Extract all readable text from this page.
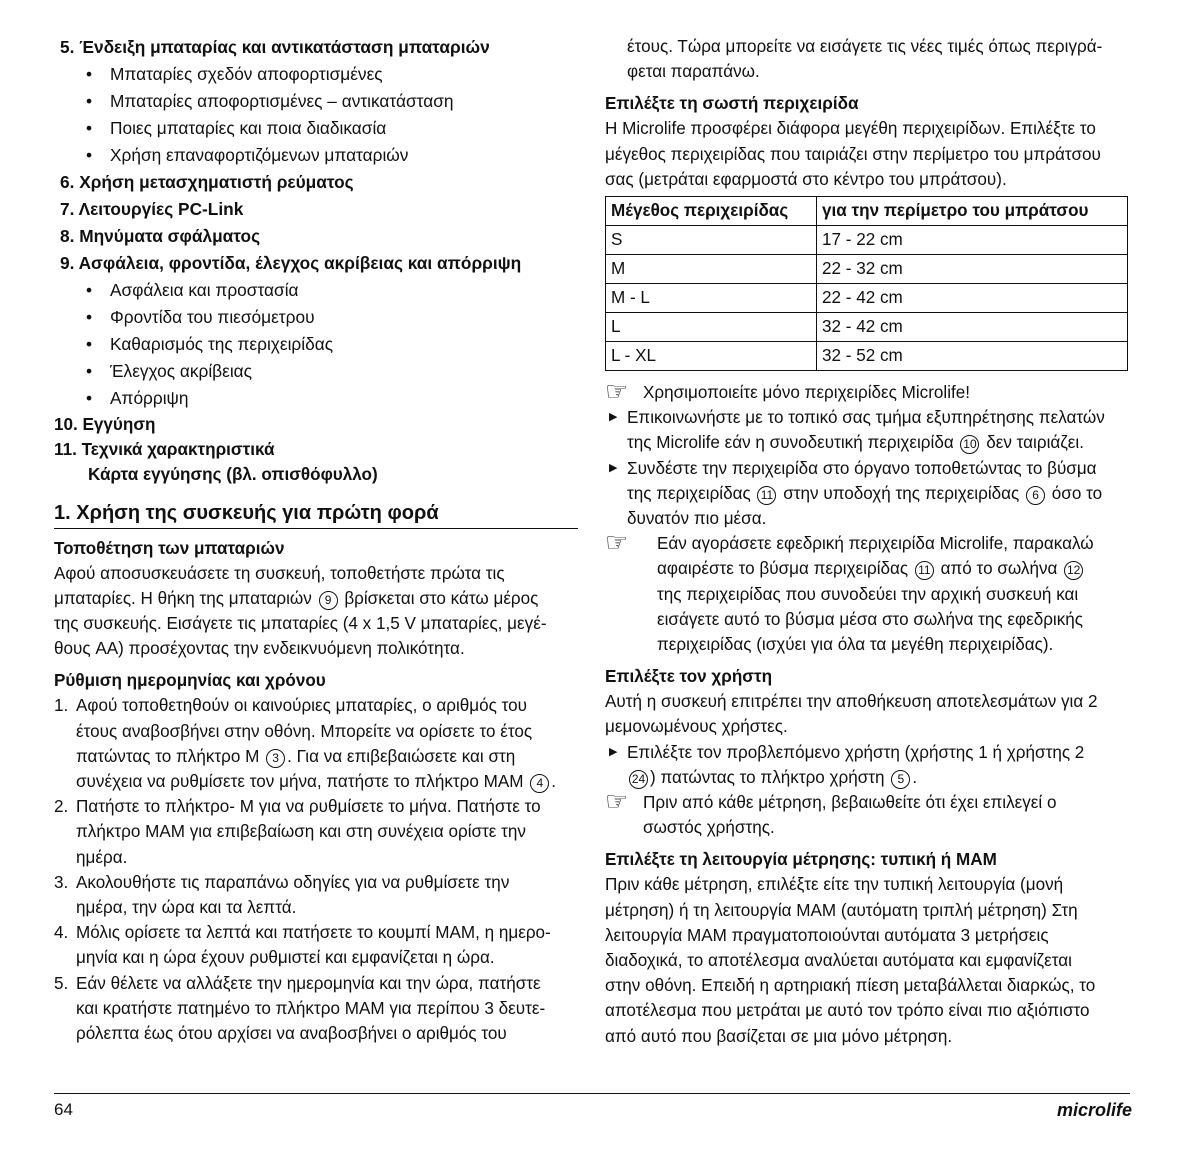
5. Ένδειξη μπαταρίας και αντικατάσταση μπαταριών

• Μπαταρίες σχεδόν αποφορτισμένες

• Μπαταρίες αποφορτισμένες – αντικατάσταση

• Ποιες μπαταρίες και ποια διαδικασία

• Χρήση επαναφορτιζόμενων μπαταριών

6. Χρήση μετασχηματιστή ρεύματος

7. Λειτουργίες PC-Link

8. Μηνύματα σφάλματος

9. Ασφάλεια, φροντίδα, έλεγχος ακρίβειας και απόρριψη

• Ασφάλεια και προστασία

• Φροντίδα του πιεσόμετρου

• Καθαρισμός της περιχειρίδας

• Έλεγχος ακρίβειας

• Απόρριψη

10. Εγγύηση

11. Τεχνικά χαρακτηριστικά

Κάρτα εγγύησης (βλ. οπισθόφυλλο)

1. Χρήση της συσκευής για πρώτη φορά

Τοποθέτηση των μπαταριών

Αφού αποσυσκευάσετε τη συσκευή, τοποθετήστε πρώτα τις

μπαταρίες. Η θήκη της μπαταριών 9 βρίσκεται στο κάτω μέρος

της συσκευής. Εισάγετε τις μπαταρίες (4 x 1,5 V μπαταρίες, μεγέ-

θους AA) προσέχοντας την ενδεικνυόμενη πολικότητα.

Ρύθμιση ημερομηνίας και χρόνου

1. Αφού τοποθετηθούν οι καινούριες μπαταρίες, ο αριθμός του

έτους αναβοσβήνει στην οθόνη. Μπορείτε να ορίσετε το έτος

πατώντας το πλήκτρο M 3 . Για να επιβεβαιώσετε και στη

συνέχεια να ρυθμίσετε τον μήνα, πατήστε το πλήκτρο MAM 4 .

2. Πατήστε το πλήκτρο- M για να ρυθμίσετε το μήνα. Πατήστε το

πλήκτρο MAM για επιβεβαίωση και στη συνέχεια ορίστε την

ημέρα.

3. Ακολουθήστε τις παραπάνω οδηγίες για να ρυθμίσετε την

ημέρα, την ώρα και τα λεπτά.

4. Μόλις ορίσετε τα λεπτά και πατήσετε το κουμπί MAM, η ημερο-

μηνία και η ώρα έχουν ρυθμιστεί και εμφανίζεται η ώρα.

5. Εάν θέλετε να αλλάξετε την ημερομηνία και την ώρα, πατήστε

και κρατήστε πατημένο το πλήκτρο MAM για περίπου 3 δευτε-

ρόλεπτα έως ότου αρχίσει να αναβοσβήνει ο αριθμός του

έτους. Τώρα μπορείτε να εισάγετε τις νέες τιμές όπως περιγρά-

φεται παραπάνω.

Επιλέξτε τη σωστή περιχειρίδα

Η Microlife προσφέρει διάφορα μεγέθη περιχειρίδων. Επιλέξτε το

μέγεθος περιχειρίδας που ταιριάζει στην περίμετρο του μπράτσου

σας (μετράται εφαρμοστά στο κέντρο του μπράτσου).

Μέγεθος περιχειρίδας	για την περίμετρο του μπράτσου
S	17 - 22 cm
M	22 - 32 cm
M - L	22 - 42 cm
L	32 - 42 cm
L - XL	32 - 52 cm
☞ Χρησιμοποιείτε μόνο περιχειρίδες Microlife!

▶ Επικοινωνήστε με το τοπικό σας τμήμα εξυπηρέτησης πελατών

της Microlife εάν η συνοδευτική περιχειρίδα 10 δεν ταιριάζει.

▶ Συνδέστε την περιχειρίδα στο όργανο τοποθετώντας το βύσμα

της περιχειρίδας 11 στην υποδοχή της περιχειρίδας 6 όσο το

δυνατόν πιο μέσα.

☞ Εάν αγοράσετε εφεδρική περιχειρίδα Microlife, παρακαλώ

αφαιρέστε το βύσμα περιχειρίδας 11 από το σωλήνα 12

της περιχειρίδας που συνοδεύει την αρχική συσκευή και

εισάγετε αυτό το βύσμα μέσα στο σωλήνα της εφεδρικής

περιχειρίδας (ισχύει για όλα τα μεγέθη περιχειρίδας).

Επιλέξτε τον χρήστη

Αυτή η συσκευή επιτρέπει την αποθήκευση αποτελεσμάτων για 2

μεμονωμένους χρήστες.

▶ Επιλέξτε τον προβλεπόμενο χρήστη (χρήστης 1 ή χρήστης 2

24 ) πατώντας το πλήκτρο χρήστη 5 .

☞ Πριν από κάθε μέτρηση, βεβαιωθείτε ότι έχει επιλεγεί ο

σωστός χρήστης.

Επιλέξτε τη λειτουργία μέτρησης: τυπική ή MAM

Πριν κάθε μέτρηση, επιλέξτε είτε την τυπική λειτουργία (μονή

μέτρηση) ή τη λειτουργία MAM (αυτόματη τριπλή μέτρηση) Στη

λειτουργία MAM πραγματοποιούνται αυτόματα 3 μετρήσεις

διαδοχικά, το αποτέλεσμα αναλύεται αυτόματα και εμφανίζεται

στην οθόνη. Επειδή η αρτηριακή πίεση μεταβάλλεται διαρκώς, το

αποτέλεσμα που μετράται με αυτό τον τρόπο είναι πιο αξιόπιστο

από αυτό που βασίζεται σε μια μόνο μέτρηση.

64	microlife
